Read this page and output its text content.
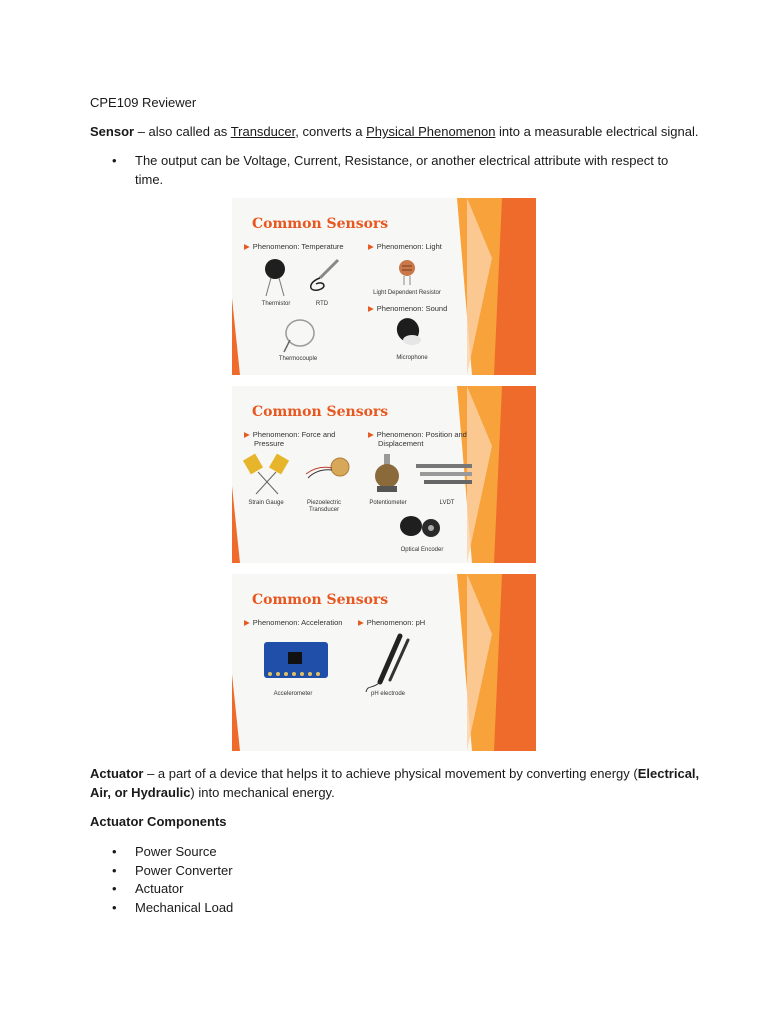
CPE109 Reviewer
Sensor – also called as Transducer, converts a Physical Phenomenon into a measurable electrical signal.
• The output can be Voltage, Current, Resistance, or another electrical attribute with respect to
time.
Common Sensors
▶ Phenomenon: Temperature	▶ Phenomenon: Light
▶ Phenomenon: Sound
Thermistor	RTD
Light Dependent Resistor
Thermocouple	Microphone
Common Sensors
▶ Phenomenon: Force and
Pressure
▶ Phenomenon: Position and
Displacement
Strain Gauge	Piezoelectric
Transducer
Potentiometer	LVDT
Optical Encoder
Common Sensors
▶ Phenomenon: Acceleration ▶ Phenomenon: pH
Accelerometer	pH electrode
Actuator – a part of a device that helps it to achieve physical movement by converting energy (Electrical,
Air, or Hydraulic) into mechanical energy.
Actuator Components
• Power Source
• Power Converter
• Actuator
• Mechanical Load
